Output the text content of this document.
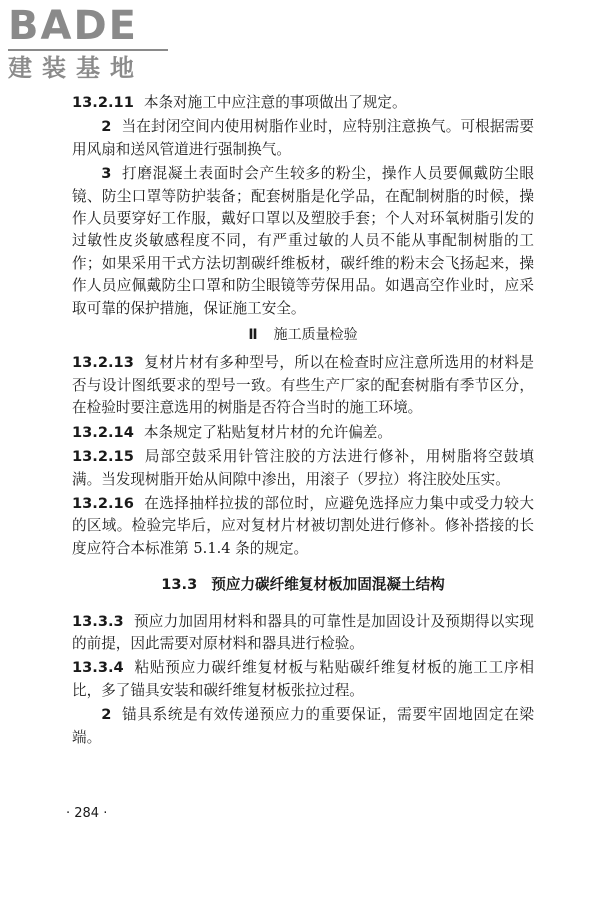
BADE
建装基地

13.2.11 本条对施工中应注意的事项做出了规定。

2 当在封闭空间内使用树脂作业时，应特别注意换气。可根据需要用风扇和送风管道进行强制换气。

3 打磨混凝土表面时会产生较多的粉尘，操作人员要佩戴防尘眼镜、防尘口罩等防护装备；配套树脂是化学品，在配制树脂的时候，操作人员要穿好工作服，戴好口罩以及塑胶手套；个人对环氧树脂引发的过敏性皮炎敏感程度不同，有严重过敏的人员不能从事配制树脂的工作；如果采用干式方法切割碳纤维板材，碳纤维的粉末会飞扬起来，操作人员应佩戴防尘口罩和防尘眼镜等劳保用品。如遇高空作业时，应采取可靠的保护措施，保证施工安全。

Ⅱ 施工质量检验

13.2.13 复材片材有多种型号，所以在检查时应注意所选用的材料是否与设计图纸要求的型号一致。有些生产厂家的配套树脂有季节区分，在检验时要注意选用的树脂是否符合当时的施工环境。

13.2.14 本条规定了粘贴复材片材的允许偏差。

13.2.15 局部空鼓采用针管注胶的方法进行修补，用树脂将空鼓填满。当发现树脂开始从间隙中渗出，用滚子（罗拉）将注胶处压实。

13.2.16 在选择抽样拉拔的部位时，应避免选择应力集中或受力较大的区域。检验完毕后，应对复材片材被切割处进行修补。修补搭接的长度应符合本标准第 5.1.4 条的规定。

13.3 预应力碳纤维复材板加固混凝土结构

13.3.3 预应力加固用材料和器具的可靠性是加固设计及预期得以实现的前提，因此需要对原材料和器具进行检验。

13.3.4 粘贴预应力碳纤维复材板与粘贴碳纤维复材板的施工工序相比，多了锚具安装和碳纤维复材板张拉过程。

2 锚具系统是有效传递预应力的重要保证，需要牢固地固定在梁端。

· 284 ·
